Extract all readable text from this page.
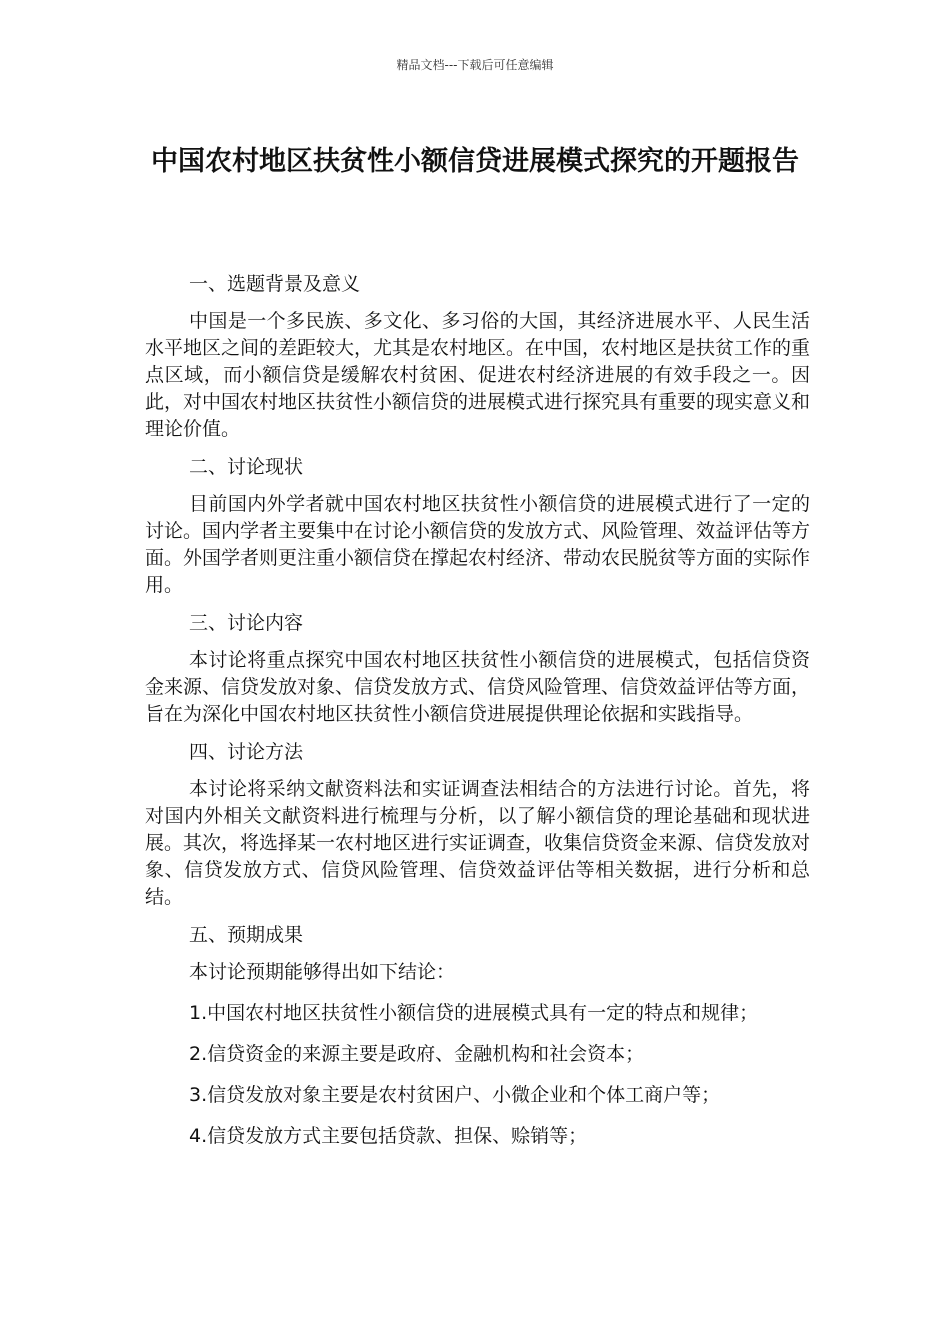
精品文档---下载后可任意编辑
中国农村地区扶贫性小额信贷进展模式探究的开题报告

一、选题背景及意义

中国是一个多民族、多文化、多习俗的大国，其经济进展水平、人民生活水平地区之间的差距较大，尤其是农村地区。在中国，农村地区是扶贫工作的重点区域，而小额信贷是缓解农村贫困、促进农村经济进展的有效手段之一。因此，对中国农村地区扶贫性小额信贷的进展模式进行探究具有重要的现实意义和理论价值。

二、讨论现状

目前国内外学者就中国农村地区扶贫性小额信贷的进展模式进行了一定的讨论。国内学者主要集中在讨论小额信贷的发放方式、风险管理、效益评估等方面。外国学者则更注重小额信贷在撑起农村经济、带动农民脱贫等方面的实际作用。

三、讨论内容

本讨论将重点探究中国农村地区扶贫性小额信贷的进展模式，包括信贷资金来源、信贷发放对象、信贷发放方式、信贷风险管理、信贷效益评估等方面，旨在为深化中国农村地区扶贫性小额信贷进展提供理论依据和实践指导。

四、讨论方法

本讨论将采纳文献资料法和实证调查法相结合的方法进行讨论。首先，将对国内外相关文献资料进行梳理与分析，以了解小额信贷的理论基础和现状进展。其次，将选择某一农村地区进行实证调查，收集信贷资金来源、信贷发放对象、信贷发放方式、信贷风险管理、信贷效益评估等相关数据，进行分析和总结。

五、预期成果

本讨论预期能够得出如下结论：

1.中国农村地区扶贫性小额信贷的进展模式具有一定的特点和规律；

2.信贷资金的来源主要是政府、金融机构和社会资本；

3.信贷发放对象主要是农村贫困户、小微企业和个体工商户等；

4.信贷发放方式主要包括贷款、担保、赊销等；
